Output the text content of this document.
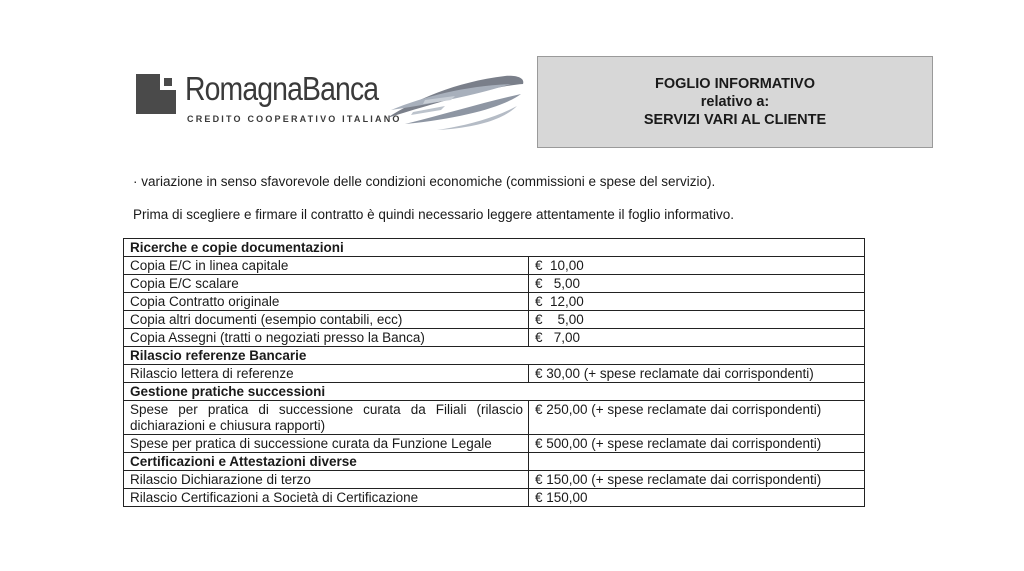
RomagnaBanca
CREDITO COOPERATIVO ITALIANO
FOGLIO INFORMATIVO
relativo a:
SERVIZI VARI AL CLIENTE
· variazione in senso sfavorevole delle condizioni economiche (commissioni e spese del servizio).
Prima di scegliere e firmare il contratto è quindi necessario leggere attentamente il foglio informativo.
Ricerche e copie documentazioni	
Copia E/C in linea capitale	€  10,00
Copia E/C scalare	€   5,00
Copia Contratto originale	€  12,00
Copia altri documenti (esempio contabili, ecc)	€    5,00
Copia Assegni (tratti o negoziati presso la Banca)	€   7,00
Rilascio referenze Bancarie	
Rilascio lettera di referenze	€ 30,00 (+ spese reclamate dai corrispondenti)
Gestione pratiche successioni	
Spese per pratica di successione curata da Filiali (rilascio dichiarazioni e chiusura rapporti)	€ 250,00 (+ spese reclamate dai corrispondenti)
Spese per pratica di successione curata da Funzione Legale	€ 500,00 (+ spese reclamate dai corrispondenti)
Certificazioni e Attestazioni diverse	
Rilascio Dichiarazione di terzo	€ 150,00 (+ spese reclamate dai corrispondenti)
Rilascio Certificazioni a Società di Certificazione	€ 150,00
